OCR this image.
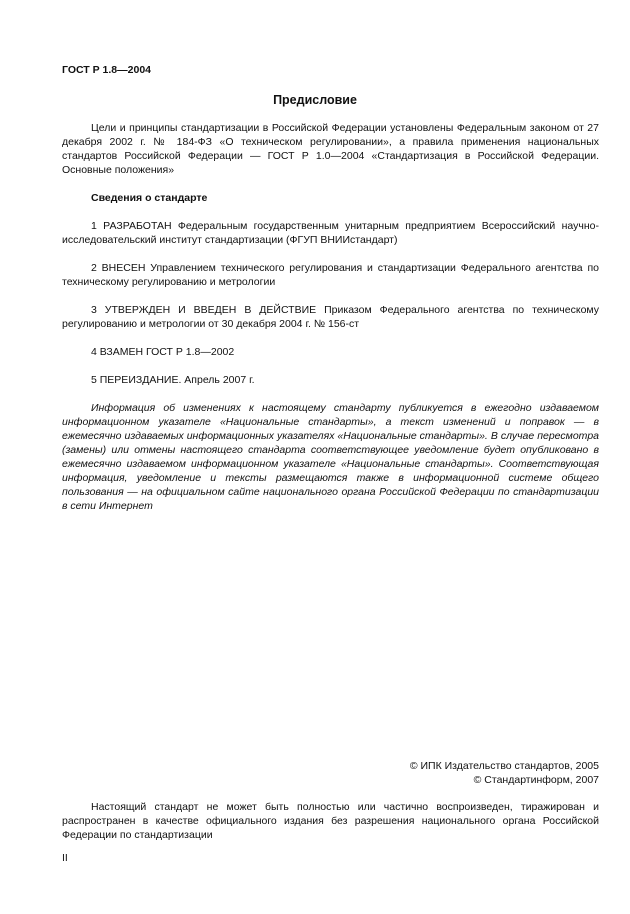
ГОСТ Р 1.8—2004
Предисловие

Цели и принципы стандартизации в Российской Федерации установлены Федеральным законом от 27 декабря 2002 г. № 184-ФЗ «О техническом регулировании», а правила применения национальных стандартов Российской Федерации — ГОСТ Р 1.0—2004 «Стандартизация в Российской Федерации. Основные положения»

Сведения о стандарте

1 РАЗРАБОТАН Федеральным государственным унитарным предприятием Всероссийский научно-исследовательский институт стандартизации (ФГУП ВНИИстандарт)

2 ВНЕСЕН Управлением технического регулирования и стандартизации Федерального агентства по техническому регулированию и метрологии

3 УТВЕРЖДЕН И ВВЕДЕН В ДЕЙСТВИЕ Приказом Федерального агентства по техническому регулированию и метрологии от 30 декабря 2004 г. № 156-ст

4 ВЗАМЕН ГОСТ Р 1.8—2002

5 ПЕРЕИЗДАНИЕ. Апрель 2007 г.

Информация об изменениях к настоящему стандарту публикуется в ежегодно издаваемом информационном указателе «Национальные стандарты», а текст изменений и поправок — в ежемесячно издаваемых информационных указателях «Национальные стандарты». В случае пересмотра (замены) или отмены настоящего стандарта соответствующее уведомление будет опубликовано в ежемесячно издаваемом информационном указателе «Национальные стандарты». Соответствующая информация, уведомление и тексты размещаются также в информационной системе общего пользования — на официальном сайте национального органа Российской Федерации по стандартизации в сети Интернет

© ИПК Издательство стандартов, 2005
© Стандартинформ, 2007

Настоящий стандарт не может быть полностью или частично воспроизведен, тиражирован и распространен в качестве официального издания без разрешения национального органа Российской Федерации по стандартизации

II
